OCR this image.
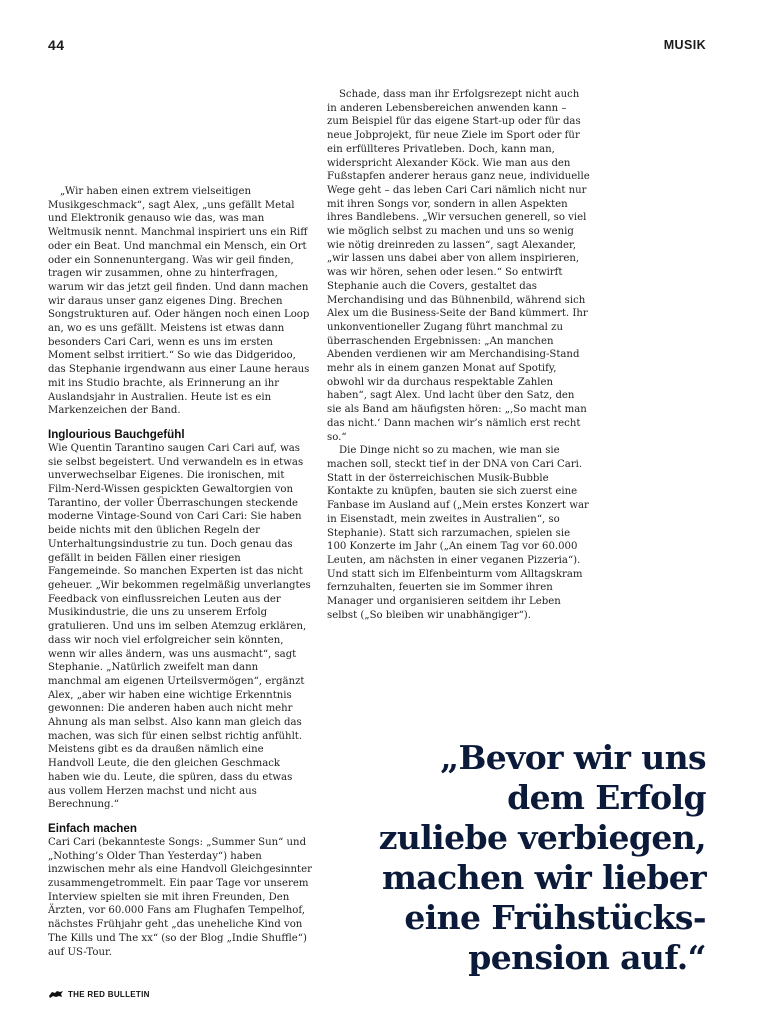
44	MUSIK

„Wir haben einen extrem vielseitigen Musikgeschmack“, sagt Alex, „uns gefällt Metal und Elektronik genauso wie das, was man Weltmusik nennt. Manchmal inspiriert uns ein Riff oder ein Beat. Und manchmal ein Mensch, ein Ort oder ein Sonnenuntergang. Was wir geil finden, tragen wir zusammen, ohne zu hinterfragen, warum wir das jetzt geil finden. Und dann machen wir daraus unser ganz eigenes Ding. Brechen Songstrukturen auf. Oder hängen noch einen Loop an, wo es uns gefällt. Meistens ist etwas dann besonders Cari Cari, wenn es uns im ersten Moment selbst irritiert.“ So wie das Didgeridoo, das Stephanie irgendwann aus einer Laune heraus mit ins Studio brachte, als Erinnerung an ihr Auslandsjahr in Australien. Heute ist es ein Markenzeichen der Band.

Inglourious Bauchgefühl

Wie Quentin Tarantino saugen Cari Cari auf, was sie selbst begeistert. Und verwandeln es in etwas unverwechselbar Eigenes. Die ironischen, mit Film-Nerd-Wissen gespickten Gewaltorgien von Tarantino, der voller Überraschungen steckende moderne Vintage-Sound von Cari Cari: Sie haben beide nichts mit den üblichen Regeln der Unterhaltungsindustrie zu tun. Doch genau das gefällt in beiden Fällen einer riesigen Fangemeinde. So manchen Experten ist das nicht geheuer. „Wir bekommen regelmäßig unverlangtes Feedback von einflussreichen Leuten aus der Musikindustrie, die uns zu unserem Erfolg gratulieren. Und uns im selben Atemzug erklären, dass wir noch viel erfolgreicher sein könnten, wenn wir alles ändern, was uns ausmacht“, sagt Stephanie. „Natürlich zweifelt man dann manchmal am eigenen Urteilsvermögen“, ergänzt Alex, „aber wir haben eine wichtige Erkenntnis gewonnen: Die anderen haben auch nicht mehr Ahnung als man selbst. Also kann man gleich das machen, was sich für einen selbst richtig anfühlt. Meistens gibt es da draußen nämlich eine Handvoll Leute, die den gleichen Geschmack haben wie du. Leute, die spüren, dass du etwas aus vollem Herzen machst und nicht aus Berechnung.“

Einfach machen

Cari Cari (bekannteste Songs: „Summer Sun“ und „Nothing’s Older Than Yesterday“) haben inzwischen mehr als eine Handvoll Gleichgesinnter zusammengetrommelt. Ein paar Tage vor unserem Interview spielten sie mit ihren Freunden, Den Ärzten, vor 60.000 Fans am Flughafen Tempelhof, nächstes Frühjahr geht „das uneheliche Kind von The Kills und The xx“ (so der Blog „Indie Shuffle“) auf US-Tour.

Schade, dass man ihr Erfolgsrezept nicht auch in anderen Lebensbereichen anwenden kann – zum Beispiel für das eigene Start-up oder für das neue Jobprojekt, für neue Ziele im Sport oder für ein erfüllteres Privatleben. Doch, kann man, widerspricht Alexander Köck. Wie man aus den Fußstapfen anderer heraus ganz neue, individuelle Wege geht – das leben Cari Cari nämlich nicht nur mit ihren Songs vor, sondern in allen Aspekten ihres Bandlebens. „Wir versuchen generell, so viel wie möglich selbst zu machen und uns so wenig wie nötig dreinreden zu lassen“, sagt Alexander, „wir lassen uns dabei aber von allem inspirieren, was wir hören, sehen oder lesen.“ So entwirft Stephanie auch die Covers, gestaltet das Merchandising und das Bühnenbild, während sich Alex um die Business-Seite der Band kümmert. Ihr unkonventioneller Zugang führt manchmal zu überraschenden Ergebnissen: „An manchen Abenden verdienen wir am Merchandising-Stand mehr als in einem ganzen Monat auf Spotify, obwohl wir da durchaus respektable Zahlen haben“, sagt Alex. Und lacht über den Satz, den sie als Band am häufigsten hören: „‚So macht man das nicht.‘ Dann machen wir’s nämlich erst recht so.“

Die Dinge nicht so zu machen, wie man sie machen soll, steckt tief in der DNA von Cari Cari. Statt in der österreichischen Musik-Bubble Kontakte zu knüpfen, bauten sie sich zuerst eine Fanbase im Ausland auf („Mein erstes Konzert war in Eisenstadt, mein zweites in Australien“, so Stephanie). Statt sich rarzumachen, spielen sie 100 Konzerte im Jahr („An einem Tag vor 60.000 Leuten, am nächsten in einer veganen Pizzeria“). Und statt sich im Elfenbeinturm vom Alltagskram fernzuhalten, feuerten sie im Sommer ihren Manager und organisieren seitdem ihr Leben selbst („So bleiben wir unabhängiger“).

„Bevor wir uns
dem Erfolg
zuliebe verbiegen,
machen wir lieber
eine Frühstücks-
pension auf.“
THE RED BULLETIN
